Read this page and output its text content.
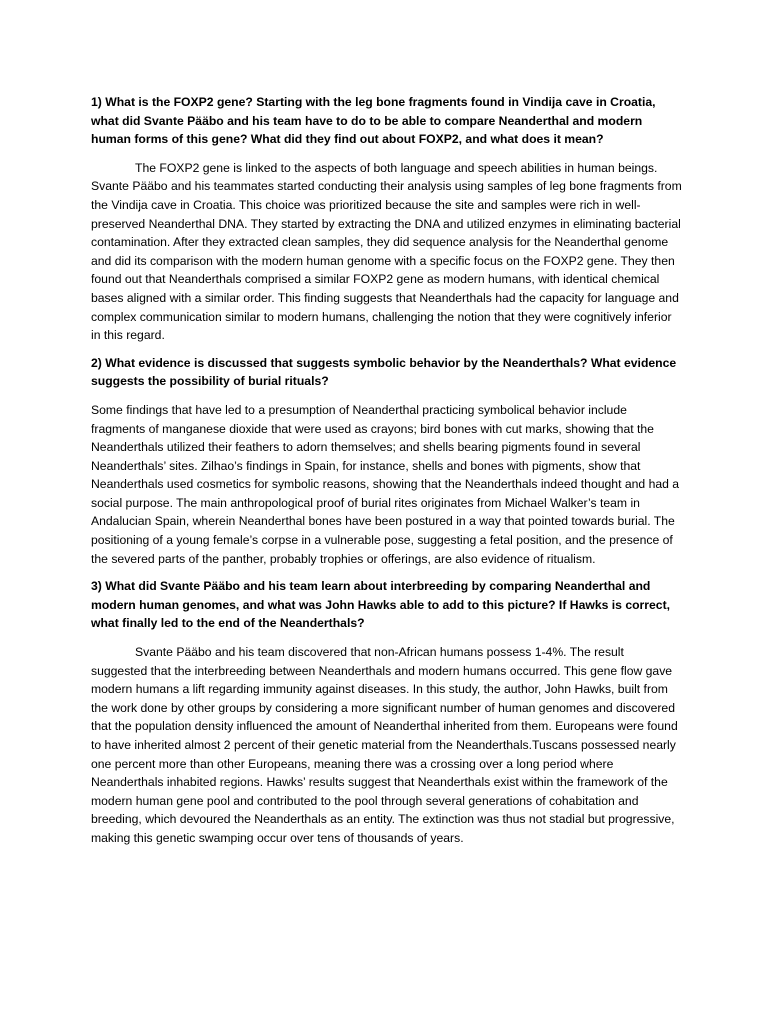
1) What is the FOXP2 gene? Starting with the leg bone fragments found in Vindija cave in Croatia, what did Svante Pääbo and his team have to do to be able to compare Neanderthal and modern human forms of this gene? What did they find out about FOXP2, and what does it mean?

The FOXP2 gene is linked to the aspects of both language and speech abilities in human beings. Svante Pääbo and his teammates started conducting their analysis using samples of leg bone fragments from the Vindija cave in Croatia. This choice was prioritized because the site and samples were rich in well-preserved Neanderthal DNA. They started by extracting the DNA and utilized enzymes in eliminating bacterial contamination. After they extracted clean samples, they did sequence analysis for the Neanderthal genome and did its comparison with the modern human genome with a specific focus on the FOXP2 gene. They then found out that Neanderthals comprised a similar FOXP2 gene as modern humans, with identical chemical bases aligned with a similar order. This finding suggests that Neanderthals had the capacity for language and complex communication similar to modern humans, challenging the notion that they were cognitively inferior in this regard.

2) What evidence is discussed that suggests symbolic behavior by the Neanderthals? What evidence suggests the possibility of burial rituals?

Some findings that have led to a presumption of Neanderthal practicing symbolical behavior include fragments of manganese dioxide that were used as crayons; bird bones with cut marks, showing that the Neanderthals utilized their feathers to adorn themselves; and shells bearing pigments found in several Neanderthals’ sites. Zilhao’s findings in Spain, for instance, shells and bones with pigments, show that Neanderthals used cosmetics for symbolic reasons, showing that the Neanderthals indeed thought and had a social purpose. The main anthropological proof of burial rites originates from Michael Walker’s team in Andalucian Spain, wherein Neanderthal bones have been postured in a way that pointed towards burial. The positioning of a young female’s corpse in a vulnerable pose, suggesting a fetal position, and the presence of the severed parts of the panther, probably trophies or offerings, are also evidence of ritualism.

3) What did Svante Pääbo and his team learn about interbreeding by comparing Neanderthal and modern human genomes, and what was John Hawks able to add to this picture? If Hawks is correct, what finally led to the end of the Neanderthals?

Svante Pääbo and his team discovered that non-African humans possess 1-4%. The result suggested that the interbreeding between Neanderthals and modern humans occurred. This gene flow gave modern humans a lift regarding immunity against diseases. In this study, the author, John Hawks, built from the work done by other groups by considering a more significant number of human genomes and discovered that the population density influenced the amount of Neanderthal inherited from them. Europeans were found to have inherited almost 2 percent of their genetic material from the Neanderthals.Tuscans possessed nearly one percent more than other Europeans, meaning there was a crossing over a long period where Neanderthals inhabited regions. Hawks’ results suggest that Neanderthals exist within the framework of the modern human gene pool and contributed to the pool through several generations of cohabitation and breeding, which devoured the Neanderthals as an entity. The extinction was thus not stadial but progressive, making this genetic swamping occur over tens of thousands of years.
